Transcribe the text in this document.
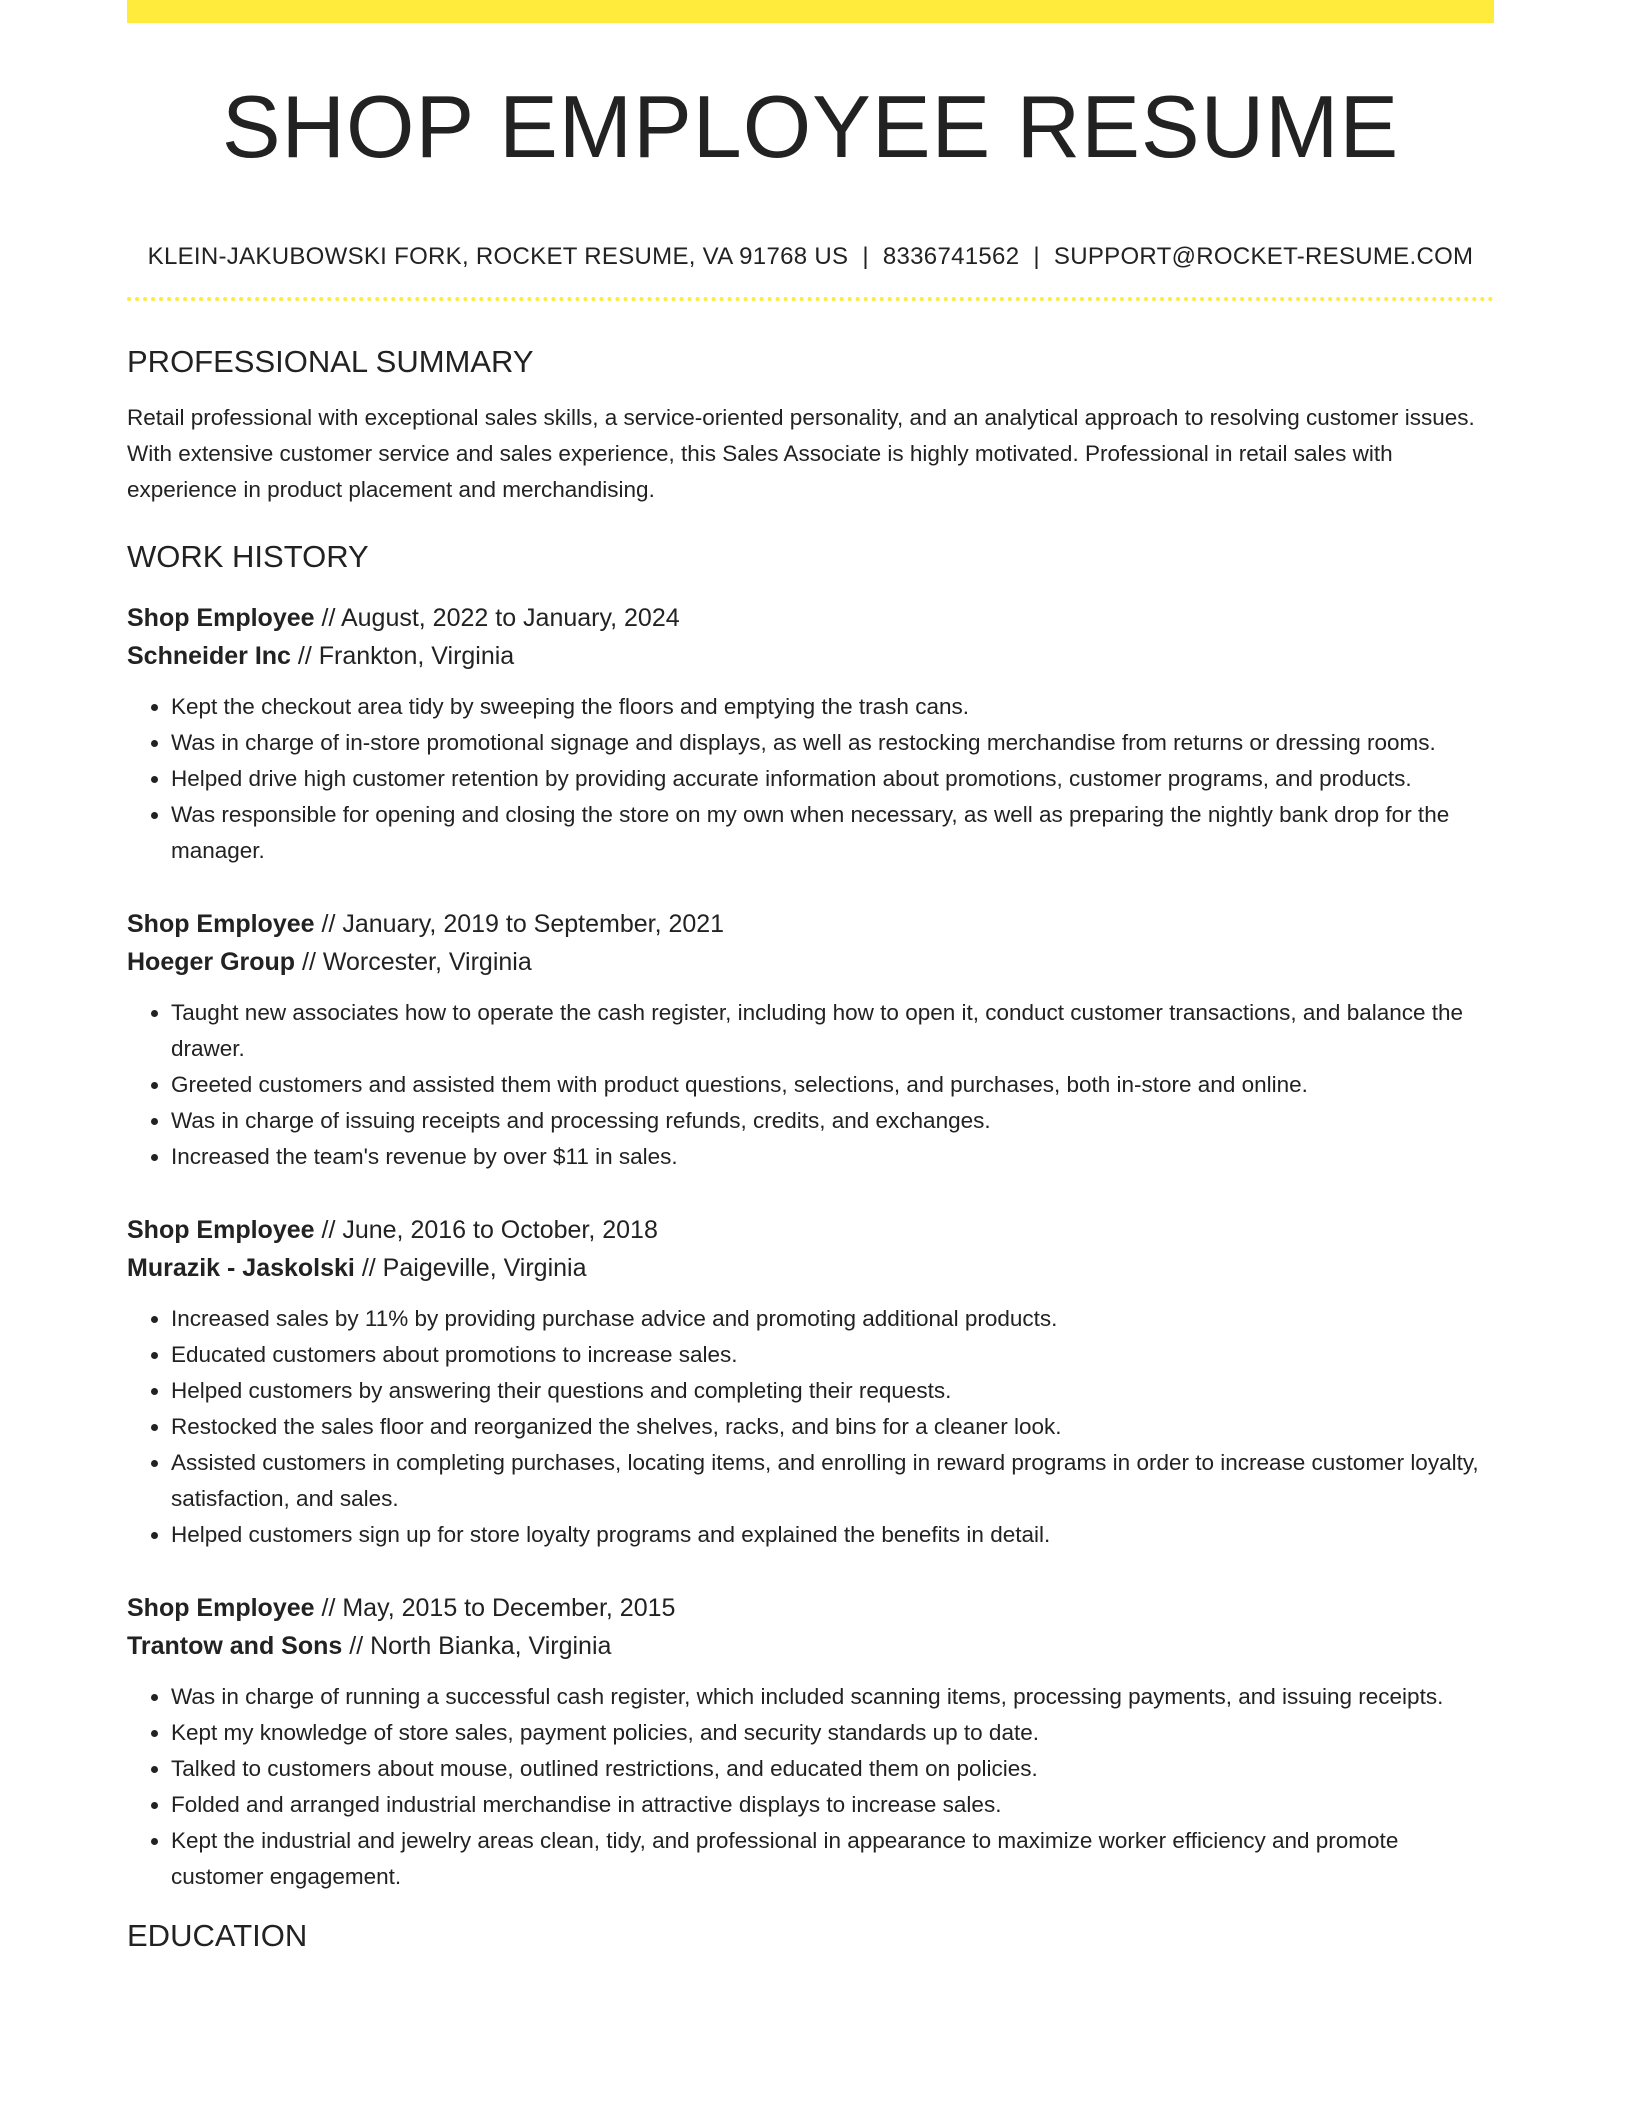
SHOP EMPLOYEE RESUME
KLEIN-JAKUBOWSKI FORK, ROCKET RESUME, VA 91768 US | 8336741562 | SUPPORT@ROCKET-RESUME.COM
PROFESSIONAL SUMMARY

Retail professional with exceptional sales skills, a service-oriented personality, and an analytical approach to resolving customer issues. With extensive customer service and sales experience, this Sales Associate is highly motivated. Professional in retail sales with experience in product placement and merchandising.

WORK HISTORY
Shop Employee // August, 2022 to January, 2024
Schneider Inc // Frankton, Virginia
• Kept the checkout area tidy by sweeping the floors and emptying the trash cans.
• Was in charge of in-store promotional signage and displays, as well as restocking merchandise from returns or dressing rooms.
• Helped drive high customer retention by providing accurate information about promotions, customer programs, and products.
• Was responsible for opening and closing the store on my own when necessary, as well as preparing the nightly bank drop for the manager.
Shop Employee // January, 2019 to September, 2021
Hoeger Group // Worcester, Virginia
• Taught new associates how to operate the cash register, including how to open it, conduct customer transactions, and balance the drawer.
• Greeted customers and assisted them with product questions, selections, and purchases, both in-store and online.
• Was in charge of issuing receipts and processing refunds, credits, and exchanges.
• Increased the team's revenue by over $11 in sales.
Shop Employee // June, 2016 to October, 2018
Murazik - Jaskolski // Paigeville, Virginia
• Increased sales by 11% by providing purchase advice and promoting additional products.
• Educated customers about promotions to increase sales.
• Helped customers by answering their questions and completing their requests.
• Restocked the sales floor and reorganized the shelves, racks, and bins for a cleaner look.
• Assisted customers in completing purchases, locating items, and enrolling in reward programs in order to increase customer loyalty, satisfaction, and sales.
• Helped customers sign up for store loyalty programs and explained the benefits in detail.
Shop Employee // May, 2015 to December, 2015
Trantow and Sons // North Bianka, Virginia
• Was in charge of running a successful cash register, which included scanning items, processing payments, and issuing receipts.
• Kept my knowledge of store sales, payment policies, and security standards up to date.
• Talked to customers about mouse, outlined restrictions, and educated them on policies.
• Folded and arranged industrial merchandise in attractive displays to increase sales.
• Kept the industrial and jewelry areas clean, tidy, and professional in appearance to maximize worker efficiency and promote customer engagement.
EDUCATION
